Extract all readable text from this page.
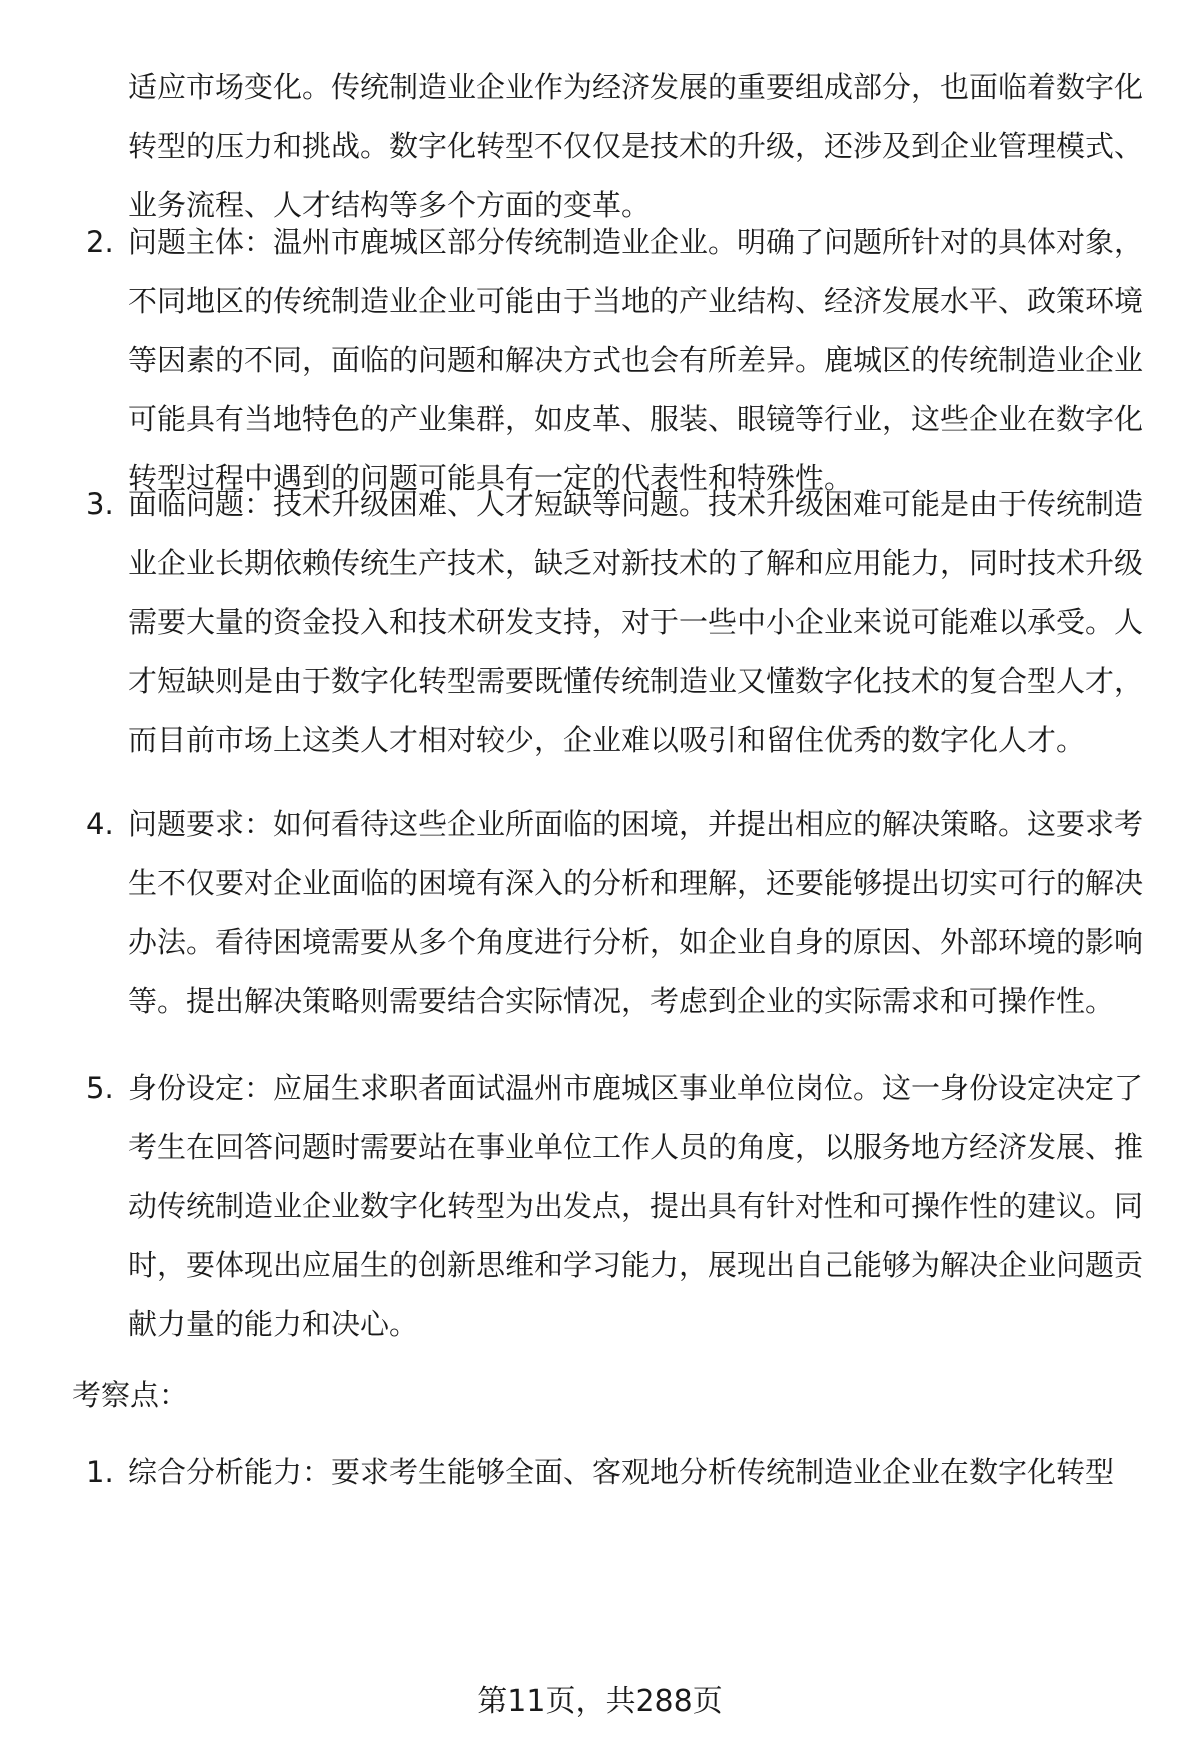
适应市场变化。传统制造业企业作为经济发展的重要组成部分，也面临着数字化转型的压力和挑战。数字化转型不仅仅是技术的升级，还涉及到企业管理模式、业务流程、人才结构等多个方面的变革。
2. 问题主体：温州市鹿城区部分传统制造业企业。明确了问题所针对的具体对象，不同地区的传统制造业企业可能由于当地的产业结构、经济发展水平、政策环境等因素的不同，面临的问题和解决方式也会有所差异。鹿城区的传统制造业企业可能具有当地特色的产业集群，如皮革、服装、眼镜等行业，这些企业在数字化转型过程中遇到的问题可能具有一定的代表性和特殊性。
3. 面临问题：技术升级困难、人才短缺等问题。技术升级困难可能是由于传统制造业企业长期依赖传统生产技术，缺乏对新技术的了解和应用能力，同时技术升级需要大量的资金投入和技术研发支持，对于一些中小企业来说可能难以承受。人才短缺则是由于数字化转型需要既懂传统制造业又懂数字化技术的复合型人才，而目前市场上这类人才相对较少，企业难以吸引和留住优秀的数字化人才。
4. 问题要求：如何看待这些企业所面临的困境，并提出相应的解决策略。这要求考生不仅要对企业面临的困境有深入的分析和理解，还要能够提出切实可行的解决办法。看待困境需要从多个角度进行分析，如企业自身的原因、外部环境的影响等。提出解决策略则需要结合实际情况，考虑到企业的实际需求和可操作性。
5. 身份设定：应届生求职者面试温州市鹿城区事业单位岗位。这一身份设定决定了考生在回答问题时需要站在事业单位工作人员的角度，以服务地方经济发展、推动传统制造业企业数字化转型为出发点，提出具有针对性和可操作性的建议。同时，要体现出应届生的创新思维和学习能力，展现出自己能够为解决企业问题贡献力量的能力和决心。
考察点：
1. 综合分析能力：要求考生能够全面、客观地分析传统制造业企业在数字化转型
第11页，共288页
